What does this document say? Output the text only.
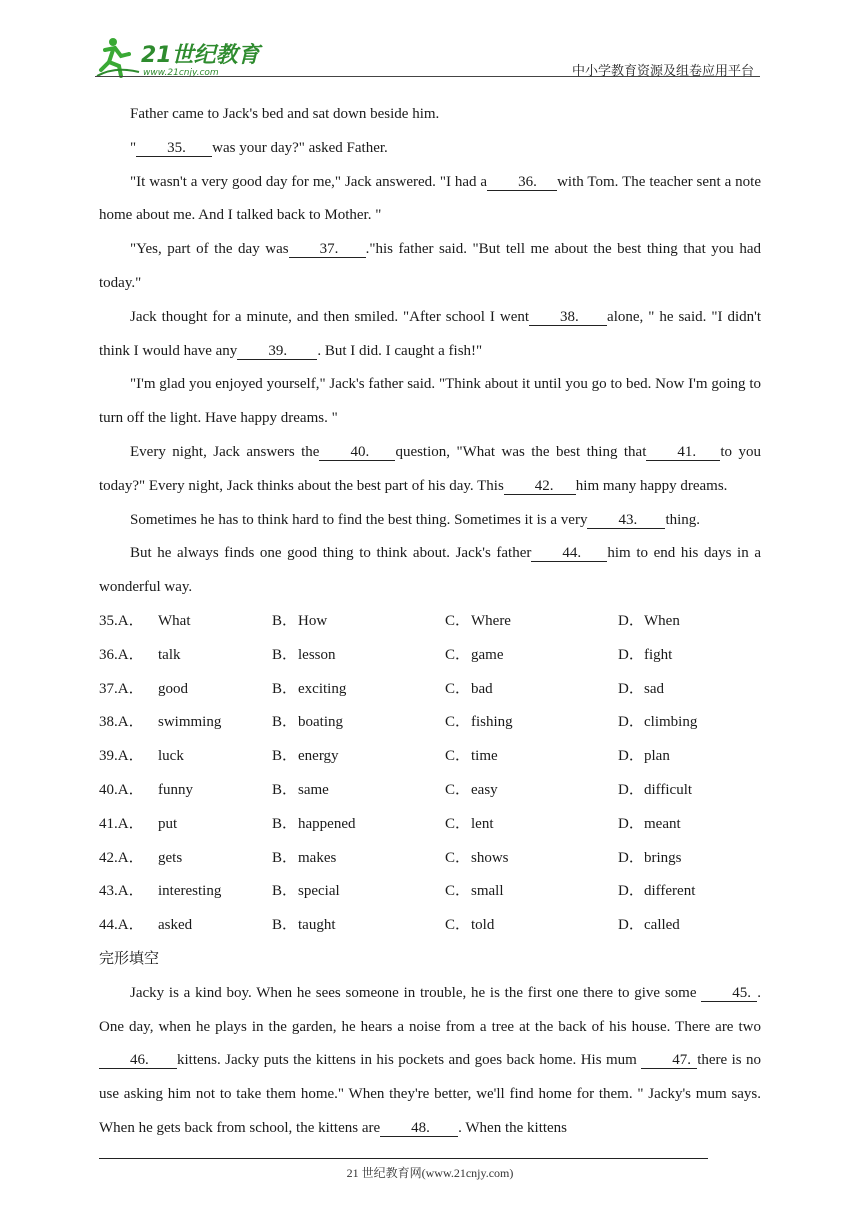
21世纪教育
www.21cnjy.com	中小学教育资源及组卷应用平台
Father came to Jack's bed and sat down beside him.
" 35. was your day?" asked Father.
"It wasn't a very good day for me," Jack answered. "I had a 36. with Tom. The teacher sent a note home about me. And I talked back to Mother. "
"Yes, part of the day was 37. ."his father said. "But tell me about the best thing that you had today."
Jack thought for a minute, and then smiled. "After school I went 38. alone, " he said. "I didn't think I would have any 39. . But I did. I caught a fish!"
"I'm glad you enjoyed yourself," Jack's father said. "Think about it until you go to bed. Now I'm going to turn off the light. Have happy dreams. "
Every night, Jack answers the 40. question, "What was the best thing that 41. to you today?" Every night, Jack thinks about the best part of his day. This 42. him many happy dreams.
Sometimes he has to think hard to find the best thing. Sometimes it is a very 43. thing.
But he always finds one good thing to think about. Jack's father 44. him to end his days in a wonderful way.
35.A． What	B． How	C． Where	D． When
36.A． talk	B． lesson	C． game	D． fight
37.A． good	B． exciting	C． bad	D． sad
38.A． swimming	B． boating	C． fishing	D． climbing
39.A． luck	B． energy	C． time	D． plan
40.A． funny	B． same	C． easy	D． difficult
41.A． put	B． happened	C． lent	D． meant
42.A． gets	B． makes	C． shows	D． brings
43.A． interesting	B． special	C． small	D． different
44.A． asked	B． taught	C． told	D． called
完形填空
Jacky is a kind boy. When he sees someone in trouble, he is the first one there to give some 45. . One day, when he plays in the garden, he hears a noise from a tree at the back of his house. There are two46. kittens. Jacky puts the kittens in his pockets and goes back home. His mum 47. there is no use asking him not to take them home." When they're better, we'll find home for them. " Jacky's mum says. When he gets back from school, the kittens are 48. . When the kittens
21 世纪教育网(www.21cnjy.com)
